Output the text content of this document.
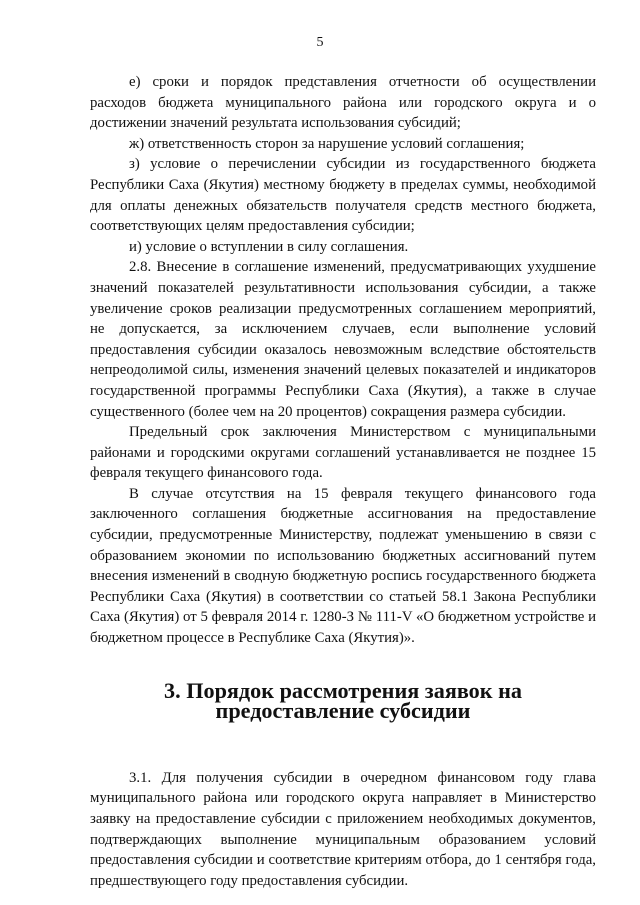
5

е) сроки и порядок представления отчетности об осуществлении расходов бюджета муниципального района или городского округа и о достижении значений результата использования субсидий;

ж) ответственность сторон за нарушение условий соглашения;

з) условие о перечислении субсидии из государственного бюджета Республики Саха (Якутия) местному бюджету в пределах суммы, необходимой для оплаты денежных обязательств получателя средств местного бюджета, соответствующих целям предоставления субсидии;

и) условие о вступлении в силу соглашения.

2.8. Внесение в соглашение изменений, предусматривающих ухудшение значений показателей результативности использования субсидии, а также увеличение сроков реализации предусмотренных соглашением мероприятий, не допускается, за исключением случаев, если выполнение условий предоставления субсидии оказалось невозможным вследствие обстоятельств непреодолимой силы, изменения значений целевых показателей и индикаторов государственной программы Республики Саха (Якутия), а также в случае существенного (более чем на 20 процентов) сокращения размера субсидии.

Предельный срок заключения Министерством с муниципальными районами и городскими округами соглашений устанавливается не позднее 15 февраля текущего финансового года.

В случае отсутствия на 15 февраля текущего финансового года заключенного соглашения бюджетные ассигнования на предоставление субсидии, предусмотренные Министерству, подлежат уменьшению в связи с образованием экономии по использованию бюджетных ассигнований путем внесения изменений в сводную бюджетную роспись государственного бюджета Республики Саха (Якутия) в соответствии со статьей 58.1 Закона Республики Саха (Якутия) от 5 февраля 2014 г. 1280-З № 111-V «О бюджетном устройстве и бюджетном процессе в Республике Саха (Якутия)».

3. Порядок рассмотрения заявок на предоставление субсидии

3.1. Для получения субсидии в очередном финансовом году глава муниципального района или городского округа направляет в Министерство заявку на предоставление субсидии с приложением необходимых документов, подтверждающих выполнение муниципальным образованием условий предоставления субсидии и соответствие критериям отбора, до 1 сентября года, предшествующего году предоставления субсидии.
